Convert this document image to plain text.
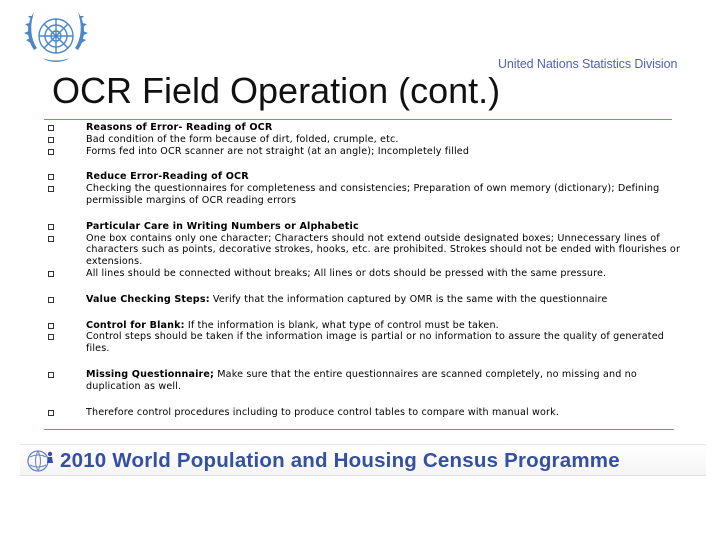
United Nations Statistics Division
OCR Field Operation (cont.)
Reasons of Error- Reading of OCR
Bad condition of the form because of dirt, folded, crumple, etc.
Forms fed into OCR scanner are not straight (at an angle); Incompletely filled
Reduce Error-Reading of OCR
Checking the questionnaires for completeness and consistencies; Preparation of own memory (dictionary); Defining permissible margins of OCR reading errors
Particular Care in Writing Numbers or Alphabetic
One box contains only one character; Characters should not extend outside designated boxes; Unnecessary lines of characters such as points, decorative strokes, hooks, etc. are prohibited. Strokes should not be ended with flourishes or extensions.
All lines should be connected without breaks; All lines or dots should be pressed with the same pressure.
Value Checking Steps: Verify that the information captured by OMR is the same with the questionnaire
Control for Blank: If the information is blank, what type of control must be taken.
Control steps should be taken if the information image is partial or no information to assure the quality of generated files.
Missing Questionnaire; Make sure that the entire questionnaires are scanned completely, no missing and no duplication as well.
Therefore control procedures including to produce control tables to compare with manual work.
2010 World Population and Housing Census Programme
